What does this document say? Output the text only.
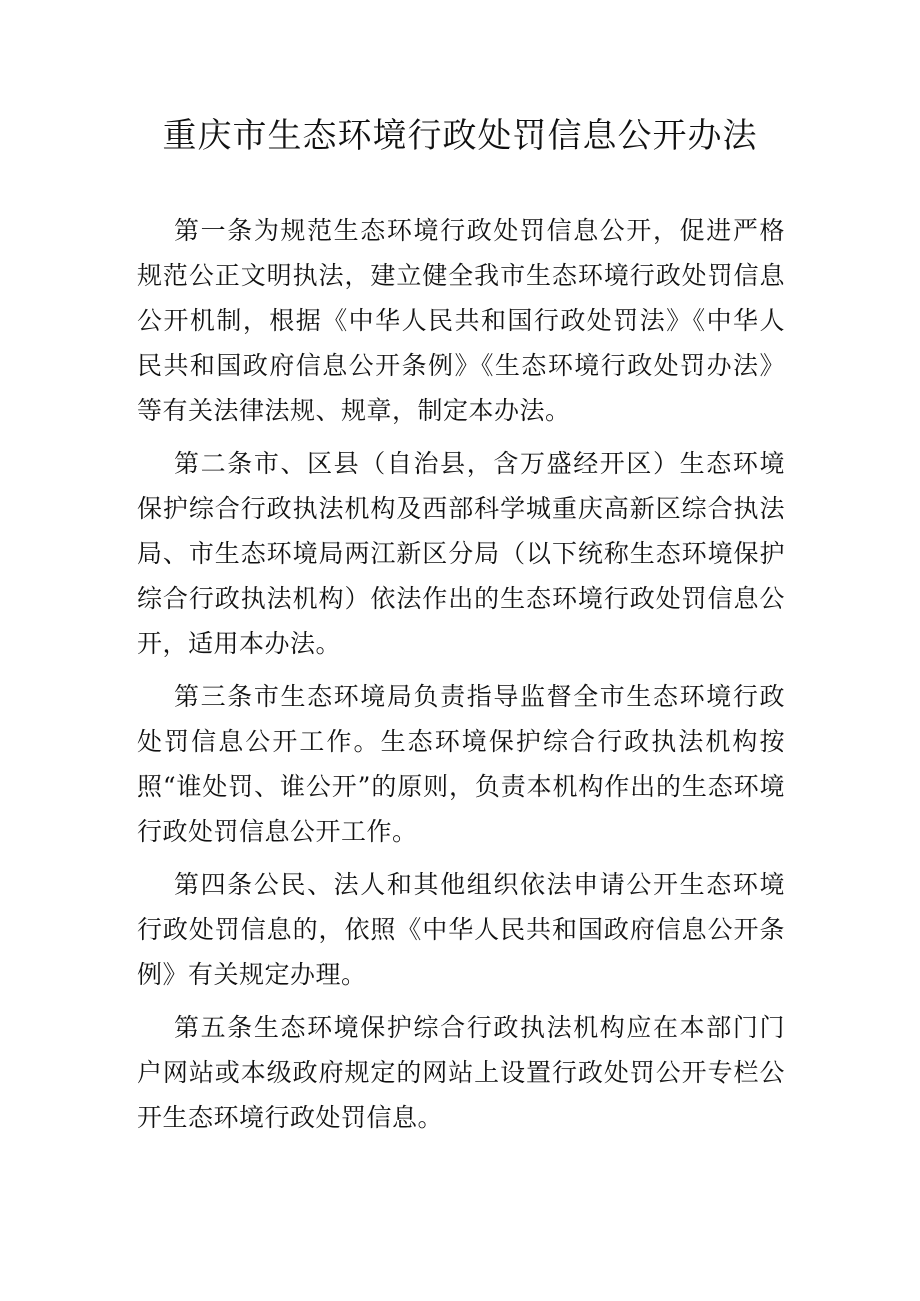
重庆市生态环境行政处罚信息公开办法

第一条为规范生态环境行政处罚信息公开，促进严格规范公正文明执法，建立健全我市生态环境行政处罚信息公开机制，根据《中华人民共和国行政处罚法》《中华人民共和国政府信息公开条例》《生态环境行政处罚办法》等有关法律法规、规章，制定本办法。

第二条市、区县（自治县，含万盛经开区）生态环境保护综合行政执法机构及西部科学城重庆高新区综合执法局、市生态环境局两江新区分局（以下统称生态环境保护综合行政执法机构）依法作出的生态环境行政处罚信息公开，适用本办法。

第三条市生态环境局负责指导监督全市生态环境行政处罚信息公开工作。生态环境保护综合行政执法机构按照“谁处罚、谁公开”的原则，负责本机构作出的生态环境行政处罚信息公开工作。

第四条公民、法人和其他组织依法申请公开生态环境行政处罚信息的，依照《中华人民共和国政府信息公开条例》有关规定办理。

第五条生态环境保护综合行政执法机构应在本部门门户网站或本级政府规定的网站上设置行政处罚公开专栏公开生态环境行政处罚信息。
